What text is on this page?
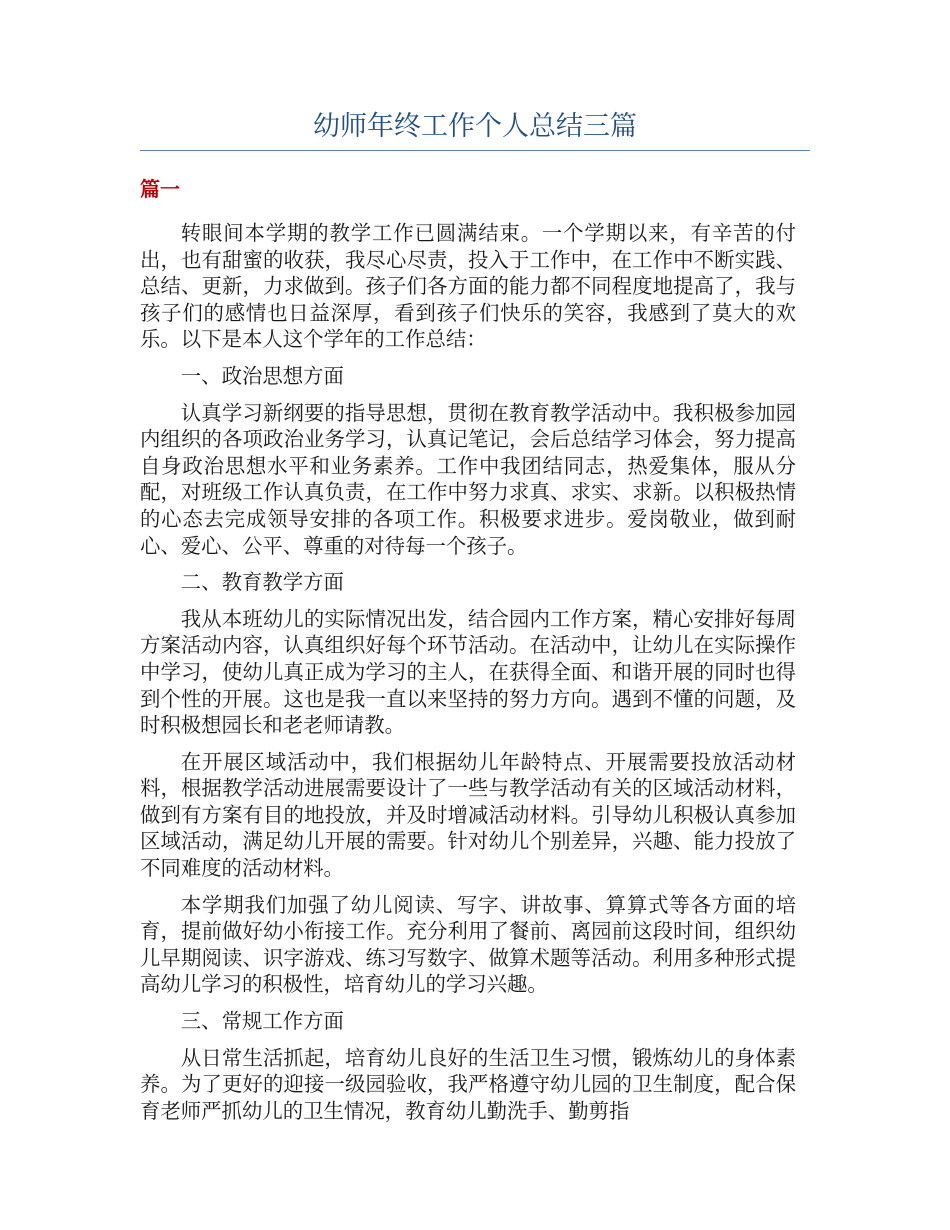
幼师年终工作个人总结三篇
篇一

转眼间本学期的教学工作已圆满结束。一个学期以来，有辛苦的付出，也有甜蜜的收获，我尽心尽责，投入于工作中，在工作中不断实践、总结、更新，力求做到。孩子们各方面的能力都不同程度地提高了，我与孩子们的感情也日益深厚，看到孩子们快乐的笑容，我感到了莫大的欢乐。以下是本人这个学年的工作总结：

一、政治思想方面

认真学习新纲要的指导思想，贯彻在教育教学活动中。我积极参加园内组织的各项政治业务学习，认真记笔记，会后总结学习体会，努力提高自身政治思想水平和业务素养。工作中我团结同志，热爱集体，服从分配，对班级工作认真负责，在工作中努力求真、求实、求新。以积极热情的心态去完成领导安排的各项工作。积极要求进步。爱岗敬业，做到耐心、爱心、公平、尊重的对待每一个孩子。

二、教育教学方面

我从本班幼儿的实际情况出发，结合园内工作方案，精心安排好每周方案活动内容，认真组织好每个环节活动。在活动中，让幼儿在实际操作中学习，使幼儿真正成为学习的主人，在获得全面、和谐开展的同时也得到个性的开展。这也是我一直以来坚持的努力方向。遇到不懂的问题，及时积极想园长和老老师请教。

在开展区域活动中，我们根据幼儿年龄特点、开展需要投放活动材料，根据教学活动进展需要设计了一些与教学活动有关的区域活动材料，做到有方案有目的地投放，并及时增减活动材料。引导幼儿积极认真参加区域活动，满足幼儿开展的需要。针对幼儿个别差异，兴趣、能力投放了不同难度的活动材料。

本学期我们加强了幼儿阅读、写字、讲故事、算算式等各方面的培育，提前做好幼小衔接工作。充分利用了餐前、离园前这段时间，组织幼儿早期阅读、识字游戏、练习写数字、做算术题等活动。利用多种形式提高幼儿学习的积极性，培育幼儿的学习兴趣。

三、常规工作方面

从日常生活抓起，培育幼儿良好的生活卫生习惯，锻炼幼儿的身体素养。为了更好的迎接一级园验收，我严格遵守幼儿园的卫生制度，配合保育老师严抓幼儿的卫生情况，教育幼儿勤洗手、勤剪指
